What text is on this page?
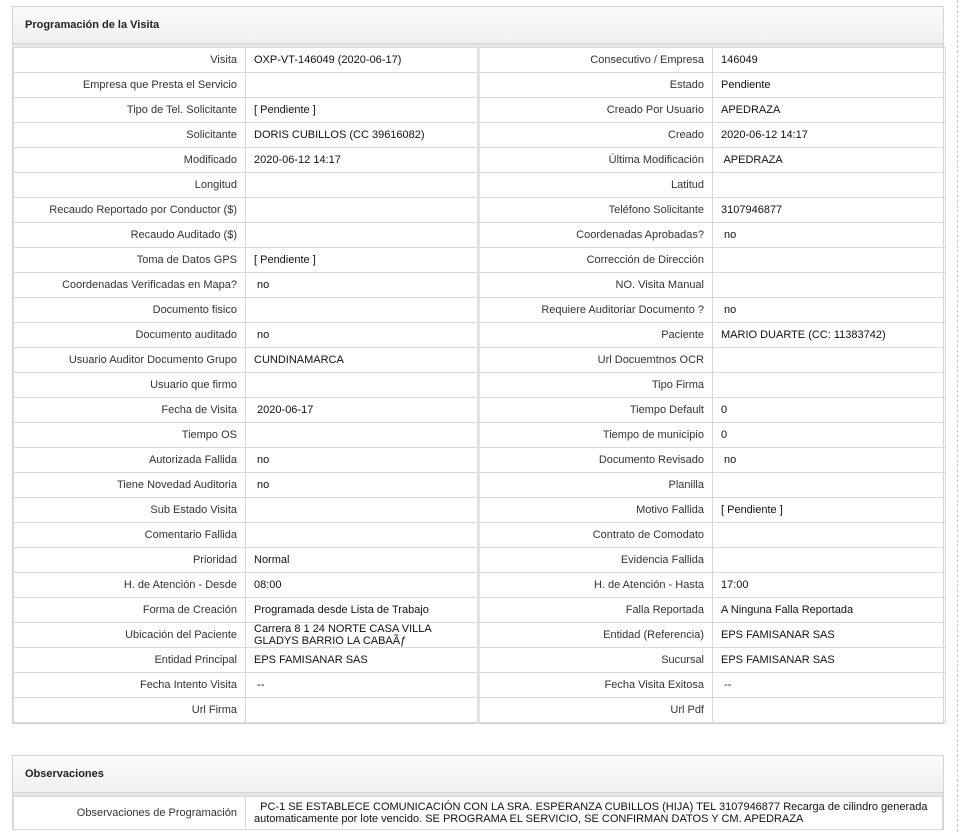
Programación de la Visita
Visita	OXP-VT-146049 (2020-06-17)	Consecutivo / Empresa	146049
Empresa que Presta el Servicio		Estado	Pendiente
Tipo de Tel. Solicitante	[ Pendiente ]	Creado Por Usuario	APEDRAZA
Solicitante	DORIS CUBILLOS (CC 39616082)	Creado	2020-06-12 14:17
Modificado	2020-06-12 14:17	Última Modificación	APEDRAZA
Longitud		Latitud	
Recaudo Reportado por Conductor ($)		Teléfono Solicitante	3107946877
Recaudo Auditado ($)		Coordenadas Aprobadas?	no
Toma de Datos GPS	[ Pendiente ]	Corrección de Dirección	
Coordenadas Verificadas en Mapa?	no	NO. Visita Manual	
Documento fisico		Requiere Auditoriar Documento ?	no
Documento auditado	no	Paciente	MARIO DUARTE (CC: 11383742)
Usuario Auditor Documento Grupo	CUNDINAMARCA	Url Docuemtnos OCR	
Usuario que firmo		Tipo Firma	
Fecha de Visita	2020-06-17	Tiempo Default	0
Tiempo OS		Tiempo de municipio	0
Autorizada Fallida	no	Documento Revisado	no
Tiene Novedad Auditoria	no	Planilla	
Sub Estado Visita		Motivo Fallida	[ Pendiente ]
Comentario Fallida		Contrato de Comodato	
Prioridad	Normal	Evidencia Fallida	
H. de Atención - Desde	08:00	H. de Atención - Hasta	17:00
Forma de Creación	Programada desde Lista de Trabajo	Falla Reportada	A Ninguna Falla Reportada
Ubicación del Paciente	Carrera 8 1 24 NORTE CASA VILLA GLADYS BARRIO LA CABAÃƒ	Entidad (Referencia)	EPS FAMISANAR SAS
Entidad Principal	EPS FAMISANAR SAS	Sucursal	EPS FAMISANAR SAS
Fecha Intento Visita	--	Fecha Visita Exitosa	--
Url Firma		Url Pdf	
Observaciones
Observaciones de Programación	PC-1 SE ESTABLECE COMUNICACIÓN CON LA SRA. ESPERANZA CUBILLOS (HIJA) TEL 3107946877 Recarga de cilindro generada automaticamente por lote vencido. SE PROGRAMA EL SERVICIO, SE CONFIRMAN DATOS Y CM. APEDRAZA
